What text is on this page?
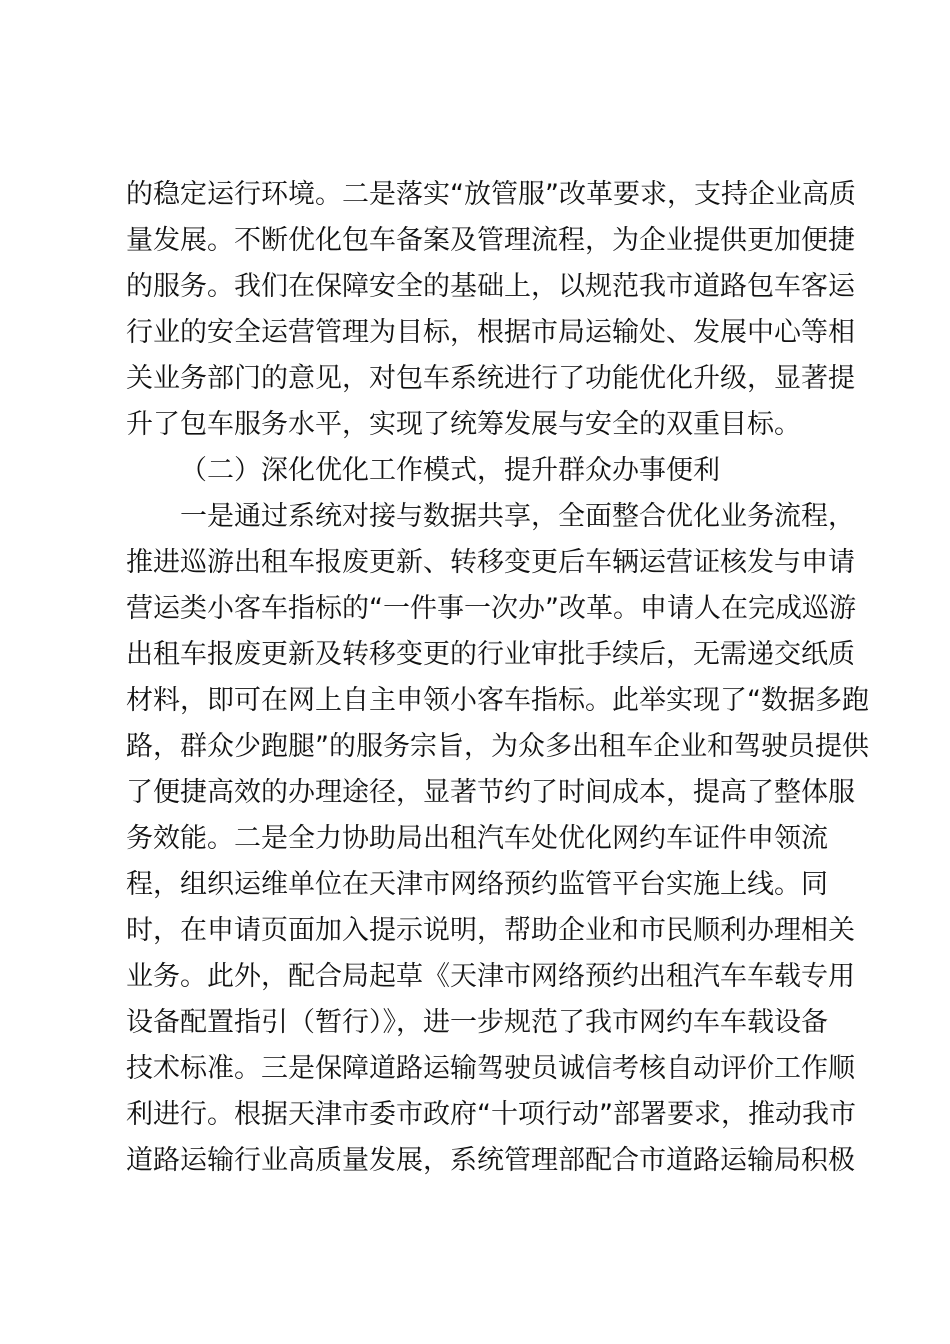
的稳定运行环境。二是落实“放管服”改革要求，支持企业高质
量发展。不断优化包车备案及管理流程，为企业提供更加便捷
的服务。我们在保障安全的基础上，以规范我市道路包车客运
行业的安全运营管理为目标，根据市局运输处、发展中心等相
关业务部门的意见，对包车系统进行了功能优化升级，显著提
升了包车服务水平，实现了统筹发展与安全的双重目标。
（二）深化优化工作模式，提升群众办事便利
一是通过系统对接与数据共享，全面整合优化业务流程，
推进巡游出租车报废更新、转移变更后车辆运营证核发与申请
营运类小客车指标的“一件事一次办”改革。申请人在完成巡游
出租车报废更新及转移变更的行业审批手续后，无需递交纸质
材料，即可在网上自主申领小客车指标。此举实现了“数据多跑
路，群众少跑腿”的服务宗旨，为众多出租车企业和驾驶员提供
了便捷高效的办理途径，显著节约了时间成本，提高了整体服
务效能。二是全力协助局出租汽车处优化网约车证件申领流
程，组织运维单位在天津市网络预约监管平台实施上线。同
时，在申请页面加入提示说明，帮助企业和市民顺利办理相关
业务。此外，配合局起草《天津市网络预约出租汽车车载专用
设备配置指引（暂行）》，进一步规范了我市网约车车载设备
技术标准。三是保障道路运输驾驶员诚信考核自动评价工作顺
利进行。根据天津市委市政府“十项行动”部署要求，推动我市
道路运输行业高质量发展，系统管理部配合市道路运输局积极
